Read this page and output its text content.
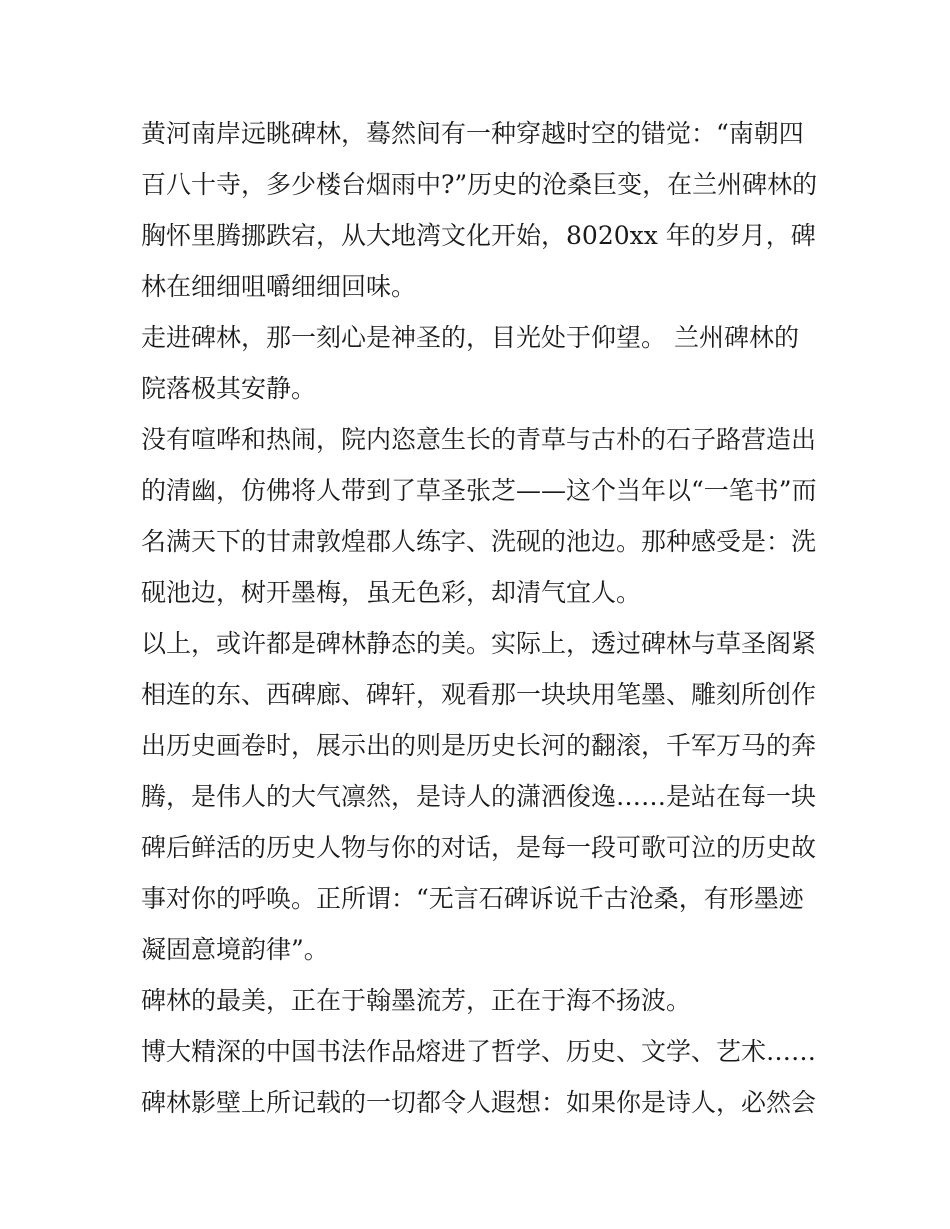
黄河南岸远眺碑林，蓦然间有一种穿越时空的错觉：“南朝四
百八十寺，多少楼台烟雨中?”历史的沧桑巨变，在兰州碑林的
胸怀里腾挪跌宕，从大地湾文化开始，8020xx 年的岁月，碑
林在细细咀嚼细细回味。
走进碑林，那一刻心是神圣的，目光处于仰望。 兰州碑林的
院落极其安静。
没有喧哗和热闹，院内恣意生长的青草与古朴的石子路营造出
的清幽，仿佛将人带到了草圣张芝——这个当年以“一笔书”而
名满天下的甘肃敦煌郡人练字、洗砚的池边。那种感受是：洗
砚池边，树开墨梅，虽无色彩，却清气宜人。
以上，或许都是碑林静态的美。实际上，透过碑林与草圣阁紧
相连的东、西碑廊、碑轩，观看那一块块用笔墨、雕刻所创作
出历史画卷时，展示出的则是历史长河的翻滚，千军万马的奔
腾，是伟人的大气凛然，是诗人的潇洒俊逸……是站在每一块
碑后鲜活的历史人物与你的对话，是每一段可歌可泣的历史故
事对你的呼唤。正所谓：“无言石碑诉说千古沧桑，有形墨迹
凝固意境韵律”。
碑林的最美，正在于翰墨流芳，正在于海不扬波。
博大精深的中国书法作品熔进了哲学、历史、文学、艺术……
碑林影壁上所记载的一切都令人遐想：如果你是诗人，必然会
